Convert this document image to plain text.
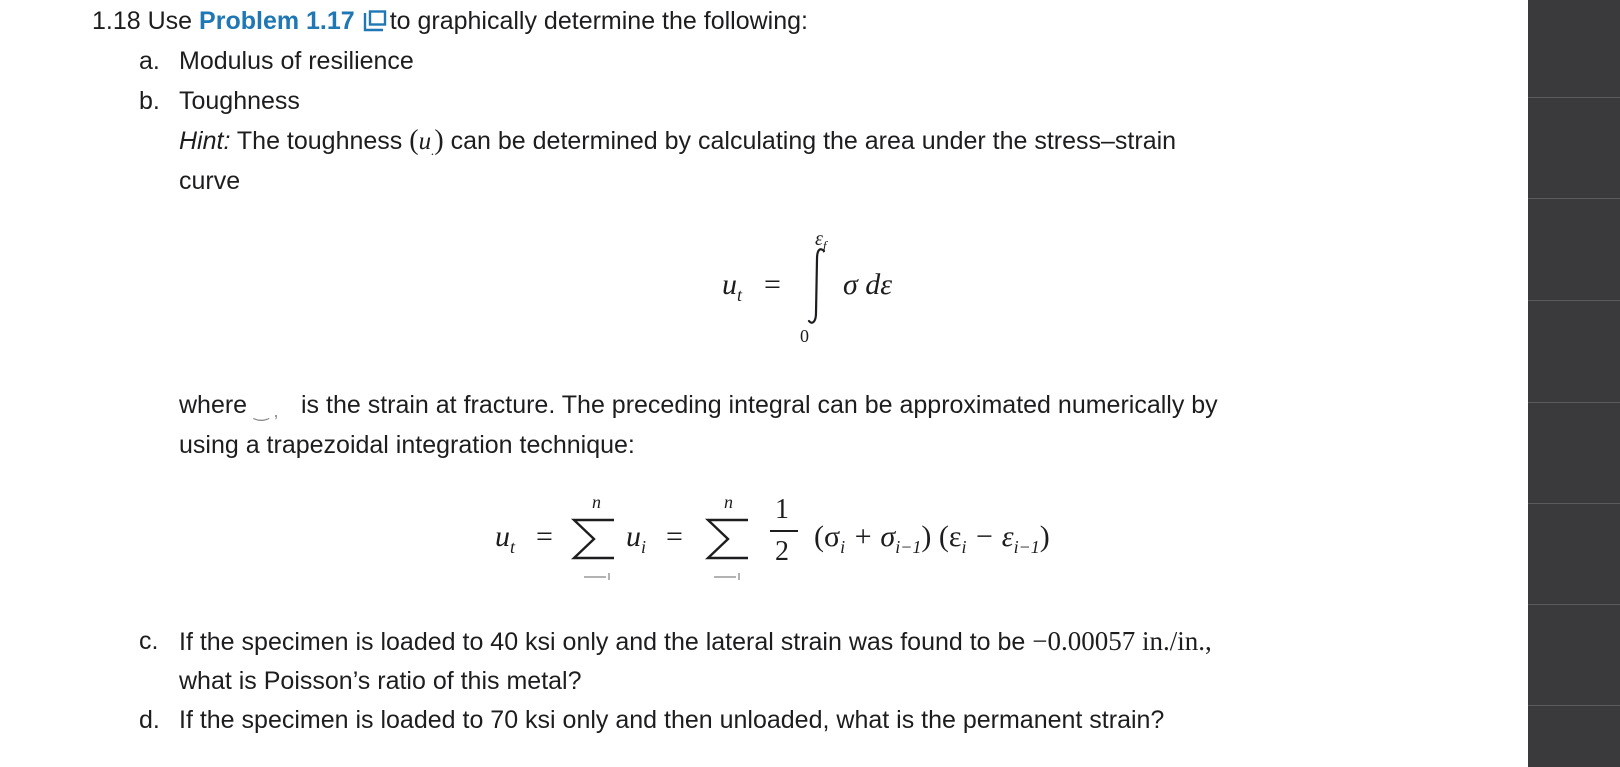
1.18 Use Problem 1.17 to graphically determine the following:
a. Modulus of resilience
b. Toughness
Hint: The toughness $(u_.)$ can be determined by calculating the area under the stress–strain
curve
$u_t$ =
$\varepsilon_f$
0
σ dε
where ‿ , is the strain at fracture. The preceding integral can be approximated numerically by
using a trapezoidal integration technique:
$u_t$ =
n
$u_i$ =
n 1
2 $(\sigma_i + \sigma_{i-1}) (\varepsilon_i - \varepsilon_{i-1})$
c. If the specimen is loaded to 40 ksi only and the lateral strain was found to be −0.00057 in./in.,
what is Poisson’s ratio of this metal?
d. If the specimen is loaded to 70 ksi only and then unloaded, what is the permanent strain?
